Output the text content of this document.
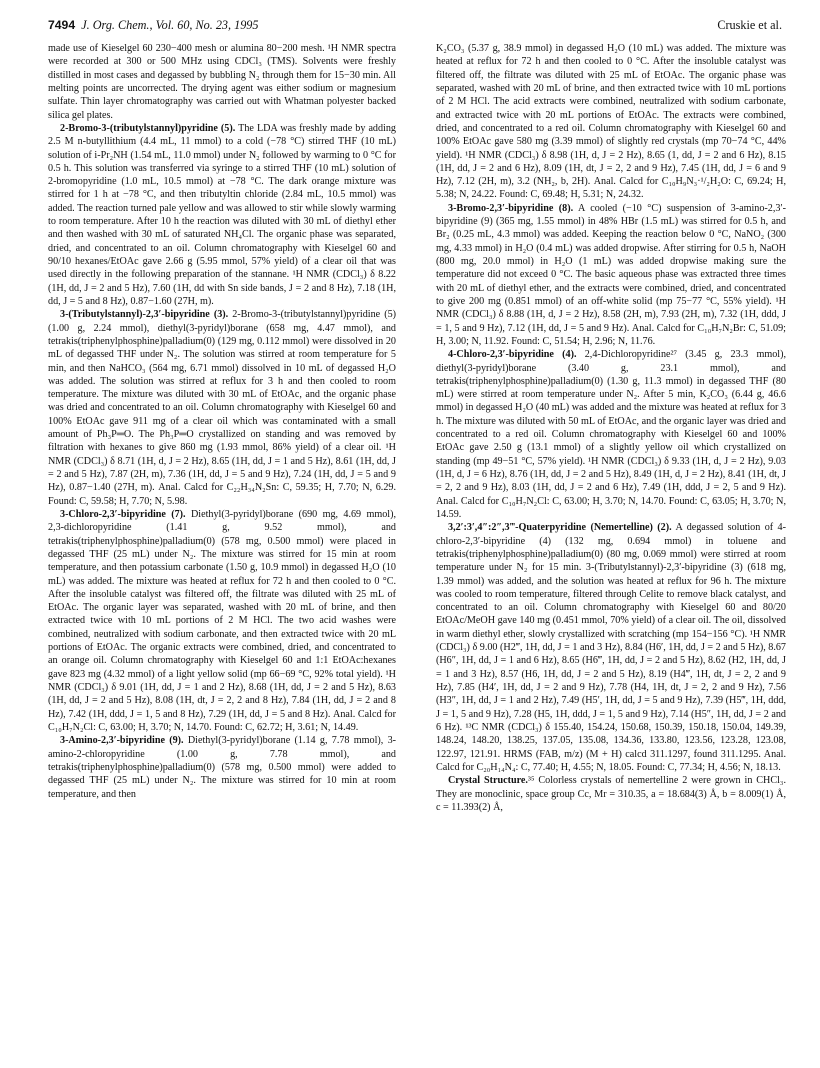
7494 J. Org. Chem., Vol. 60, No. 23, 1995	Cruskie et al.

made use of Kieselgel 60 230−400 mesh or alumina 80−200 mesh. ¹H NMR spectra were recorded at 300 or 500 MHz using CDCl₃ (TMS). Solvents were freshly distilled in most cases and degassed by bubbling N₂ through them for 15−30 min. All melting points are uncorrected. The drying agent was either sodium or magnesium sulfate. Thin layer chromatography was carried out with Whatman polyester backed silica gel plates.

2-Bromo-3-(tributylstannyl)pyridine (5). The LDA was freshly made by adding 2.5 M n-butyllithium (4.4 mL, 11 mmol) to a cold (−78 °C) stirred THF (10 mL) solution of i-Pr₂NH (1.54 mL, 11.0 mmol) under N₂ followed by warming to 0 °C for 0.5 h. This solution was transferred via syringe to a stirred THF (10 mL) solution of 2-bromopyridine (1.0 mL, 10.5 mmol) at −78 °C. The dark orange mixture was stirred for 1 h at −78 °C, and then tributyltin chloride (2.84 mL, 10.5 mmol) was added. The reaction turned pale yellow and was allowed to stir while slowly warming to room temperature. After 10 h the reaction was diluted with 30 mL of diethyl ether and then washed with 30 mL of saturated NH₄Cl. The organic phase was separated, dried, and concentrated to an oil. Column chromatography with Kieselgel 60 and 90/10 hexanes/EtOAc gave 2.66 g (5.95 mmol, 57% yield) of a clear oil that was used directly in the following preparation of the stannane. ¹H NMR (CDCl₃) δ 8.22 (1H, dd, J = 2 and 5 Hz), 7.60 (1H, dd with Sn side bands, J = 2 and 8 Hz), 7.18 (1H, dd, J = 5 and 8 Hz), 0.87−1.60 (27H, m).

3-(Tributylstannyl)-2,3′-bipyridine (3). 2-Bromo-3-(tributylstannyl)pyridine (5) (1.00 g, 2.24 mmol), diethyl(3-pyridyl)borane (658 mg, 4.47 mmol), and tetrakis(triphenylphosphine)palladium(0) (129 mg, 0.112 mmol) were dissolved in 20 mL of degassed THF under N₂. The solution was stirred at room temperature for 5 min, and then NaHCO₃ (564 mg, 6.71 mmol) dissolved in 10 mL of degassed H₂O was added. The solution was stirred at reflux for 3 h and then cooled to room temperature. The mixture was diluted with 30 mL of EtOAc, and the organic phase was dried and concentrated to an oil. Column chromatography with Kieselgel 60 and 100% EtOAc gave 911 mg of a clear oil which was contaminated with a small amount of Ph₃P═O. The Ph₃P═O crystallized on standing and was removed by filtration with hexanes to give 860 mg (1.93 mmol, 86% yield) of a clear oil. ¹H NMR (CDCl₃) δ 8.71 (1H, d, J = 2 Hz), 8.65 (1H, dd, J = 1 and 5 Hz), 8.61 (1H, dd, J = 2 and 5 Hz), 7.87 (2H, m), 7.36 (1H, dd, J = 5 and 9 Hz), 7.24 (1H, dd, J = 5 and 9 Hz), 0.87−1.40 (27H, m). Anal. Calcd for C₂₂H₃₄N₂Sn: C, 59.35; H, 7.70; N, 6.29. Found: C, 59.58; H, 7.70; N, 5.98.

3-Chloro-2,3′-bipyridine (7). Diethyl(3-pyridyl)borane (690 mg, 4.69 mmol), 2,3-dichloropyridine (1.41 g, 9.52 mmol), and tetrakis(triphenylphosphine)palladium(0) (578 mg, 0.500 mmol) were placed in degassed THF (25 mL) under N₂. The mixture was stirred for 15 min at room temperature, and then potassium carbonate (1.50 g, 10.9 mmol) in degassed H₂O (10 mL) was added. The mixture was heated at reflux for 72 h and then cooled to 0 °C. After the insoluble catalyst was filtered off, the filtrate was diluted with 25 mL of EtOAc. The organic layer was separated, washed with 20 mL of brine, and then extracted twice with 10 mL portions of 2 M HCl. The two acid washes were combined, neutralized with sodium carbonate, and then extracted twice with 20 mL portions of EtOAc. The organic extracts were combined, dried, and concentrated to an orange oil. Column chromatography with Kieselgel 60 and 1:1 EtOAc:hexanes gave 823 mg (4.32 mmol) of a light yellow solid (mp 66−69 °C, 92% total yield). ¹H NMR (CDCl₃) δ 9.01 (1H, dd, J = 1 and 2 Hz), 8.68 (1H, dd, J = 2 and 5 Hz), 8.63 (1H, dd, J = 2 and 5 Hz), 8.08 (1H, dt, J = 2, 2 and 8 Hz), 7.84 (1H, dd, J = 2 and 8 Hz), 7.42 (1H, ddd, J = 1, 5 and 8 Hz), 7.29 (1H, dd, J = 5 and 8 Hz). Anal. Calcd for C₁₀H₇N₂Cl: C, 63.00; H, 3.70; N, 14.70. Found: C, 62.72; H, 3.61; N, 14.49.

3-Amino-2,3′-bipyridine (9). Diethyl(3-pyridyl)borane (1.14 g, 7.78 mmol), 3-amino-2-chloropyridine (1.00 g, 7.78 mmol), and tetrakis(triphenylphosphine)palladium(0) (578 mg, 0.500 mmol) were added to degassed THF (25 mL) under N₂. The mixture was stirred for 10 min at room temperature, and then

K₂CO₃ (5.37 g, 38.9 mmol) in degassed H₂O (10 mL) was added. The mixture was heated at reflux for 72 h and then cooled to 0 °C. After the insoluble catalyst was filtered off, the filtrate was diluted with 25 mL of EtOAc. The organic phase was separated, washed with 20 mL of brine, and then extracted twice with 10 mL portions of 2 M HCl. The acid extracts were combined, neutralized with sodium carbonate, and extracted twice with 20 mL portions of EtOAc. The extracts were combined, dried, and concentrated to a red oil. Column chromatography with Kieselgel 60 and 100% EtOAc gave 580 mg (3.39 mmol) of slightly red crystals (mp 70−74 °C, 44% yield). ¹H NMR (CDCl₃) δ 8.98 (1H, d, J = 2 Hz), 8.65 (1, dd, J = 2 and 6 Hz), 8.15 (1H, dd, J = 2 and 6 Hz), 8.09 (1H, dt, J = 2, 2 and 9 Hz), 7.45 (1H, dd, J = 6 and 9 Hz), 7.12 (2H, m), 3.2 (NH₂, b, 2H). Anal. Calcd for C₁₀H₉N₃·¹/₂H₂O: C, 69.24; H, 5.38; N, 24.22. Found: C, 69.48; H, 5.31; N, 24.32.

3-Bromo-2,3′-bipyridine (8). A cooled (−10 °C) suspension of 3-amino-2,3′-bipyridine (9) (365 mg, 1.55 mmol) in 48% HBr (1.5 mL) was stirred for 0.5 h, and Br₂ (0.25 mL, 4.3 mmol) was added. Keeping the reaction below 0 °C, NaNO₂ (300 mg, 4.33 mmol) in H₂O (0.4 mL) was added dropwise. After stirring for 0.5 h, NaOH (800 mg, 20.0 mmol) in H₂O (1 mL) was added dropwise making sure the temperature did not exceed 0 °C. The basic aqueous phase was extracted three times with 20 mL of diethyl ether, and the extracts were combined, dried, and concentrated to give 200 mg (0.851 mmol) of an off-white solid (mp 75−77 °C, 55% yield). ¹H NMR (CDCl₃) δ 8.88 (1H, d, J = 2 Hz), 8.58 (2H, m), 7.93 (2H, m), 7.32 (1H, ddd, J = 1, 5 and 9 Hz), 7.12 (1H, dd, J = 5 and 9 Hz). Anal. Calcd for C₁₀H₇N₂Br: C, 51.09; H, 3.00; N, 11.92. Found: C, 51.54; H, 2.96; N, 11.76.

4-Chloro-2,3′-bipyridine (4). 2,4-Dichloropyridine²⁷ (3.45 g, 23.3 mmol), diethyl(3-pyridyl)borane (3.40 g, 23.1 mmol), and tetrakis(triphenylphosphine)palladium(0) (1.30 g, 11.3 mmol) in degassed THF (80 mL) were stirred at room temperature under N₂. After 5 min, K₂CO₃ (6.44 g, 46.6 mmol) in degassed H₂O (40 mL) was added and the mixture was heated at reflux for 3 h. The mixture was diluted with 50 mL of EtOAc, and the organic layer was dried and concentrated to a red oil. Column chromatography with Kieselgel 60 and 100% EtOAc gave 2.50 g (13.1 mmol) of a slightly yellow oil which crystallized on standing (mp 49−51 °C, 57% yield). ¹H NMR (CDCl₃) δ 9.33 (1H, d, J = 2 Hz), 9.03 (1H, d, J = 6 Hz), 8.76 (1H, dd, J = 2 and 5 Hz), 8.49 (1H, d, J = 2 Hz), 8.41 (1H, dt, J = 2, 2 and 9 Hz), 8.03 (1H, dd, J = 2 and 6 Hz), 7.49 (1H, ddd, J = 2, 5 and 9 Hz). Anal. Calcd for C₁₀H₇N₂Cl: C, 63.00; H, 3.70; N, 14.70. Found: C, 63.05; H, 3.70; N, 14.59.

3,2′:3′,4″:2″,3‴-Quaterpyridine (Nemertelline) (2). A degassed solution of 4-chloro-2,3′-bipyridine (4) (132 mg, 0.694 mmol) in toluene and tetrakis(triphenylphosphine)palladium(0) (80 mg, 0.069 mmol) were stirred at room temperature under N₂ for 15 min. 3-(Tributylstannyl)-2,3′-bipyridine (3) (618 mg, 1.39 mmol) was added, and the solution was heated at reflux for 96 h. The mixture was cooled to room temperature, filtered through Celite to remove black catalyst, and concentrated to an oil. Column chromatography with Kieselgel 60 and 80/20 EtOAc/MeOH gave 140 mg (0.451 mmol, 70% yield) of a clear oil. The oil, dissolved in warm diethyl ether, slowly crystallized with scratching (mp 154−156 °C). ¹H NMR (CDCl₃) δ 9.00 (H2‴, 1H, dd, J = 1 and 3 Hz), 8.84 (H6′, 1H, dd, J = 2 and 5 Hz), 8.67 (H6″, 1H, dd, J = 1 and 6 Hz), 8.65 (H6‴, 1H, dd, J = 2 and 5 Hz), 8.62 (H2, 1H, dd, J = 1 and 3 Hz), 8.57 (H6, 1H, dd, J = 2 and 5 Hz), 8.19 (H4‴, 1H, dt, J = 2, 2 and 9 Hz), 7.85 (H4′, 1H, dd, J = 2 and 9 Hz), 7.78 (H4, 1H, dt, J = 2, 2 and 9 Hz), 7.56 (H3″, 1H, dd, J = 1 and 2 Hz), 7.49 (H5′, 1H, dd, J = 5 and 9 Hz), 7.39 (H5‴, 1H, ddd, J = 1, 5 and 9 Hz), 7.28 (H5, 1H, ddd, J = 1, 5 and 9 Hz), 7.14 (H5″, 1H, dd, J = 2 and 6 Hz). ¹³C NMR (CDCl₃) δ 155.40, 154.24, 150.68, 150.39, 150.18, 150.04, 149.39, 148.24, 148.20, 138.25, 137.05, 135.08, 134.36, 133.80, 123.56, 123.28, 123.08, 122.97, 121.91. HRMS (FAB, m/z) (M + H) calcd 311.1297, found 311.1295. Anal. Calcd for C₂₀H₁₄N₄: C, 77.40; H, 4.55; N, 18.05. Found: C, 77.34; H, 4.56; N, 18.13.

Crystal Structure.³⁵ Colorless crystals of nemertelline 2 were grown in CHCl₃. They are monoclinic, space group Cc, Mr = 310.35, a = 18.684(3) Å, b = 8.009(1) Å, c = 11.393(2) Å,
